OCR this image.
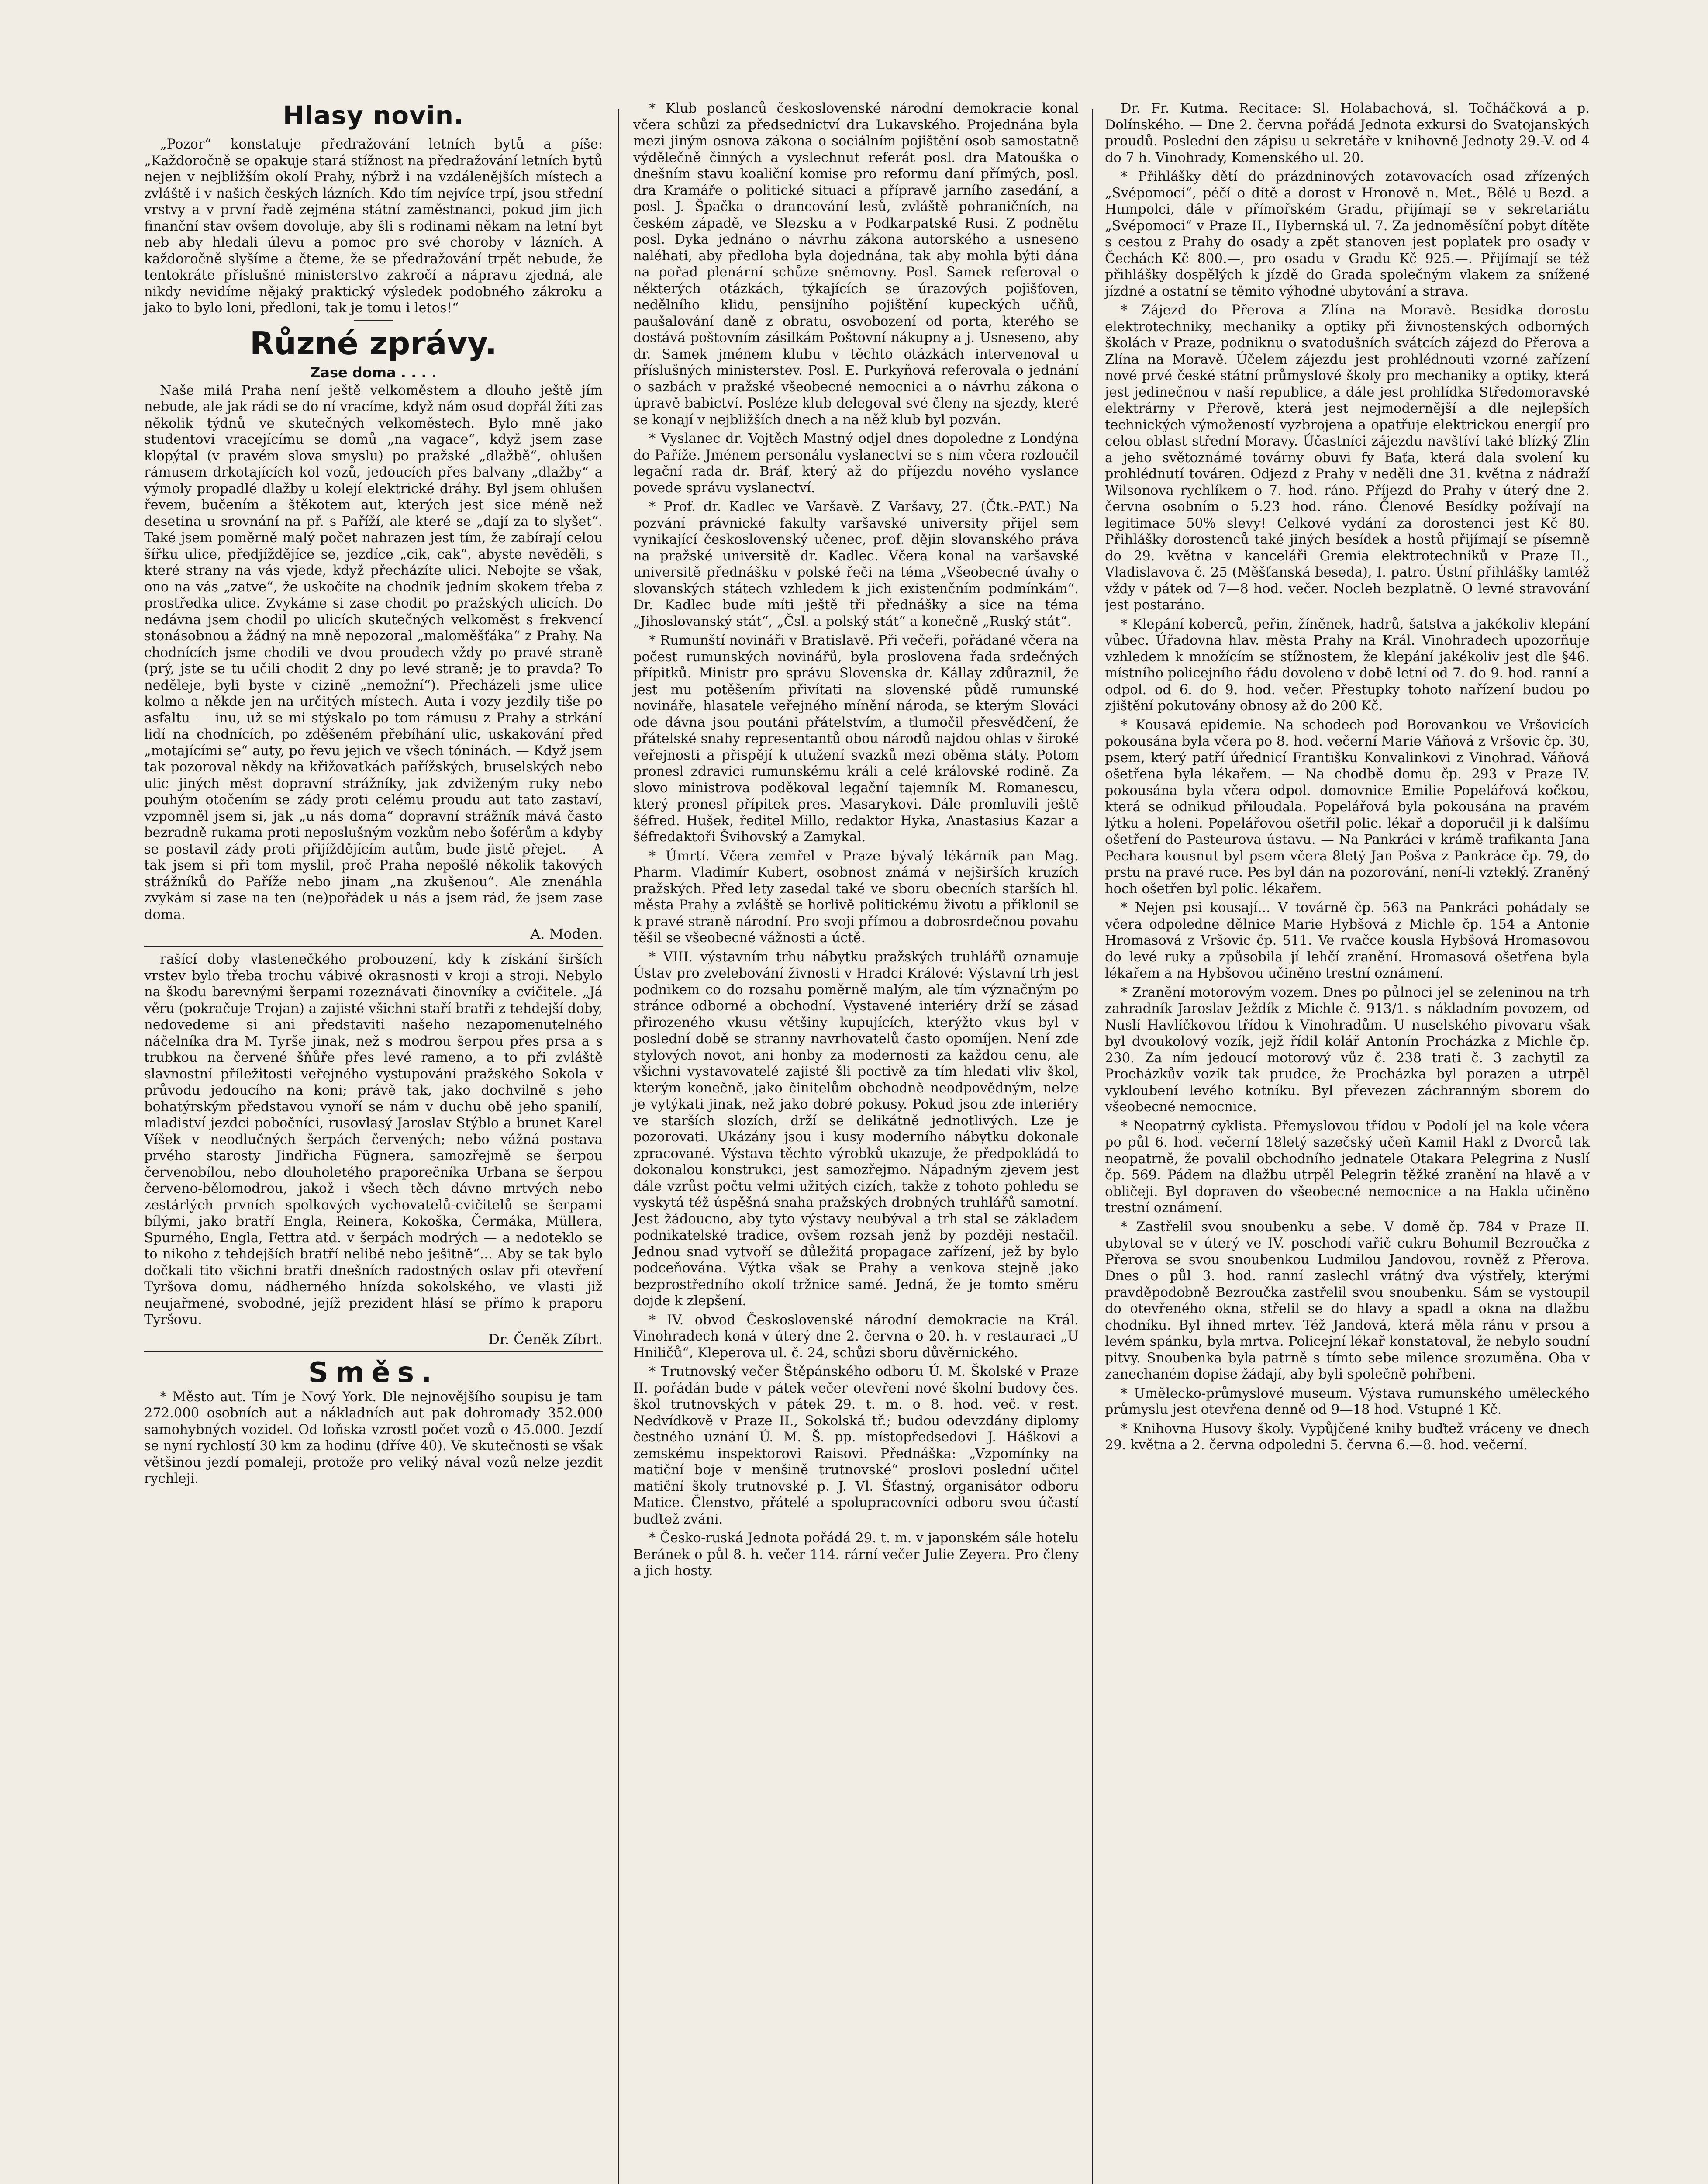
Hlasy novin.

„Pozor“ konstatuje předražování letních bytů a píše: „Každoročně se opakuje stará stížnost na předražování letních bytů nejen v nejbližším okolí Prahy, nýbrž i na vzdálenějších místech a zvláště i v našich českých lázních. Kdo tím nejvíce trpí, jsou střední vrstvy a v první řadě zejména státní zaměstnanci, pokud jim jich finanční stav ovšem dovoluje, aby šli s rodinami někam na letní byt neb aby hledali úlevu a pomoc pro své choroby v lázních. A každoročně slyšíme a čteme, že se předražování trpět nebude, že tentokráte příslušné ministerstvo zakročí a nápravu zjedná, ale nikdy nevidíme nějaký praktický výsledek podobného zákroku a jako to bylo loni, předloni, tak je tomu i letos!“

Různé zprávy.
Zase doma . . . .

Naše milá Praha není ještě velkoměstem a dlouho ještě jím nebude, ale jak rádi se do ní vracíme, když nám osud dopřál žíti zas několik týdnů ve skutečných velkoměstech. Bylo mně jako studentovi vracejícímu se domů „na vagace“, když jsem zase klopýtal (v pravém slova smyslu) po pražské „dlažbě“, ohlušen rámusem drkotajících kol vozů, jedoucích přes balvany „dlažby“ a výmoly propadlé dlažby u kolejí elektrické dráhy. Byl jsem ohlušen řevem, bučením a štěkotem aut, kterých jest sice méně než desetina u srovnání na př. s Paříží, ale které se „dají za to slyšet“. Také jsem poměrně malý počet nahrazen jest tím, že zabírají celou šířku ulice, předjíždějíce se, jezdíce „cik, cak“, abyste nevěděli, s které strany na vás vjede, když přecházíte ulici. Nebojte se však, ono na vás „zatve“, že uskočíte na chodník jedním skokem třeba z prostředka ulice. Zvykáme si zase chodit po pražských ulicích. Do nedávna jsem chodil po ulicích skutečných velkoměst s frekvencí stonásobnou a žádný na mně nepozoral „maloměšťáka“ z Prahy. Na chodnících jsme chodili ve dvou proudech vždy po pravé straně (prý, jste se tu učili chodit 2 dny po levé straně; je to pravda? To neděleje, byli byste v cizině „nemožní“). Přecházeli jsme ulice kolmo a někde jen na určitých místech. Auta i vozy jezdily tiše po asfaltu — inu, už se mi stýskalo po tom rámusu z Prahy a strkání lidí na chodnících, po zděšeném přebíhání ulic, uskakování před „motajícími se“ auty, po řevu jejich ve všech tóninách. — Když jsem tak pozoroval někdy na křižovatkách pařížských, bruselských nebo ulic jiných měst dopravní strážníky, jak zdviženým ruky nebo pouhým otočením se zády proti celému proudu aut tato zastaví, vzpomněl jsem si, jak „u nás doma“ dopravní strážník mává často bezradně rukama proti neposlušným vozkům nebo šoférům a kdyby se postavil zády proti přijíždějícím autům, bude jistě přejet. — A tak jsem si při tom myslil, proč Praha nepošlé několik takových strážníků do Paříže nebo jinam „na zkušenou“. Ale znenáhla zvykám si zase na ten (ne)pořádek u nás a jsem rád, že jsem zase doma.

A. Moden.

rašící doby vlastenečkého probouzení, kdy k získání širších vrstev bylo třeba trochu vábivé okrasnosti v kroji a stroji. Nebylo na škodu barevnými šerpami rozeznávati činovníky a cvičitele. „Já věru (pokračuje Trojan) a zajisté všichni staří bratři z tehdejší doby, nedovedeme si ani představiti našeho nezapomenutelného náčelníka dra M. Tyrše jinak, než s modrou šerpou přes prsa a s trubkou na červené šňůře přes levé rameno, a to při zvláště slavnostní příležitosti veřejného vystupování pražského Sokola v průvodu jedoucího na koni; právě tak, jako dochvilně s jeho bohatýrským představou vynoří se nám v duchu obě jeho spanilí, mladiství jezdci pobočníci, rusovlasý Jaroslav Stýblo a brunet Karel Víšek v neodlučných šerpách červených; nebo vážná postava prvého starosty Jindřicha Fügnera, samozřejmě se šerpou červenobílou, nebo dlouholetého praporečníka Urbana se šerpou červeno-bělomodrou, jakož i všech těch dávno mrtvých nebo zestárlých prvních spolkových vychovatelů-cvičitelů se šerpami bílými, jako bratří Engla, Reinera, Kokoška, Čermáka, Müllera, Spurného, Engla, Fettra atd. v šerpách modrých — a nedoteklo se to nikoho z tehdejších bratří nelibě nebo ješitně“... Aby se tak bylo dočkali tito všichni bratři dnešních radostných oslav při otevření Tyršova domu, nádherného hnízda sokolského, ve vlasti již neujařmené, svobodné, jejíž prezident hlásí se přímo k praporu Tyršovu.

Dr. Čeněk Zíbrt.
Směs.

* Město aut. Tím je Nový York. Dle nejnovějšího soupisu je tam 272.000 osobních aut a nákladních aut pak dohromady 352.000 samohybných vozidel. Od loňska vzrostl počet vozů o 45.000. Jezdí se nyní rychlostí 30 km za hodinu (dříve 40). Ve skutečnosti se však většinou jezdí pomaleji, protože pro veliký nával vozů nelze jezdit rychleji.

* Klub poslanců československé národní demokracie konal včera schůzi za předsednictví dra Lukavského. Projednána byla mezi jiným osnova zákona o sociálním pojištění osob samostatně výdělečně činných a vyslechnut referát posl. dra Matouška o dnešním stavu koaliční komise pro reformu daní přímých, posl. dra Kramáře o politické situaci a přípravě jarního zasedání, a posl. J. Špačka o drancování lesů, zvláště pohraničních, na českém západě, ve Slezsku a v Podkarpatské Rusi. Z podnětu posl. Dyka jednáno o návrhu zákona autorského a usneseno naléhati, aby předloha byla dojednána, tak aby mohla býti dána na pořad plenární schůze sněmovny. Posl. Samek referoval o některých otázkách, týkajících se úrazových pojišťoven, nedělního klidu, pensijního pojištění kupeckých učňů, paušalování daně z obratu, osvobození od porta, kterého se dostává poštovním zásilkám Poštovní nákupny a j. Usneseno, aby dr. Samek jménem klubu v těchto otázkách intervenoval u příslušných ministerstev. Posl. E. Purkyňová referovala o jednání o sazbách v pražské všeobecné nemocnici a o návrhu zákona o úpravě babictví. Posléze klub delegoval své členy na sjezdy, které se konají v nejbližších dnech a na něž klub byl pozván.

* Vyslanec dr. Vojtěch Mastný odjel dnes dopoledne z Londýna do Paříže. Jménem personálu vyslanectví se s ním včera rozloučil legační rada dr. Bráf, který až do příjezdu nového vyslance povede správu vyslanectví.

* Prof. dr. Kadlec ve Varšavě. Z Varšavy, 27. (Čtk.-PAT.) Na pozvání právnické fakulty varšavské university přijel sem vynikající československý učenec, prof. dějin slovanského práva na pražské universitě dr. Kadlec. Včera konal na varšavské universitě přednášku v polské řeči na téma „Všeobecné úvahy o slovanských státech vzhledem k jich existenčním podmínkám“. Dr. Kadlec bude míti ještě tři přednášky a sice na téma „Jihoslovanský stát“, „Čsl. a polský stát“ a konečně „Ruský stát“.

* Rumunští novináři v Bratislavě. Při večeři, pořádané včera na počest rumunských novinářů, byla proslovena řada srdečných přípitků. Ministr pro správu Slovenska dr. Kállay zdůraznil, že jest mu potěšením přivítati na slovenské půdě rumunské novináře, hlasatele veřejného mínění národa, se kterým Slováci ode dávna jsou poutáni přátelstvím, a tlumočil přesvědčení, že přátelské snahy representantů obou národů najdou ohlas v široké veřejnosti a přispějí k utužení svazků mezi oběma státy. Potom pronesl zdravici rumunskému králi a celé královské rodině. Za slovo ministrova poděkoval legační tajemník M. Romanescu, který pronesl přípitek pres. Masarykovi. Dále promluvili ještě šéfred. Hušek, ředitel Millo, redaktor Hyka, Anastasius Kazar a šéfredaktoři Švihovský a Zamykal.

* Úmrtí. Včera zemřel v Praze bývalý lékárník pan Mag. Pharm. Vladimír Kubert, osobnost známá v nejširších kruzích pražských. Před lety zasedal také ve sboru obecních starších hl. města Prahy a zvláště se horlivě politickému životu a přiklonil se k pravé straně národní. Pro svoji přímou a dobrosrdečnou povahu těšil se všeobecné vážnosti a úctě.

* VIII. výstavním trhu nábytku pražských truhlářů oznamuje Ústav pro zvelebování živnosti v Hradci Králové: Výstavní trh jest podnikem co do rozsahu poměrně malým, ale tím význačným po stránce odborné a obchodní. Vystavené interiéry drží se zásad přirozeného vkusu většiny kupujících, kterýžto vkus byl v poslední době se stranny navrhovatelů často opomíjen. Není zde stylových novot, ani honby za modernosti za každou cenu, ale všichni vystavovatelé zajisté šli poctivě za tím hledati vliv škol, kterým konečně, jako činitelům obchodně neodpovědným, nelze je vytýkati jinak, než jako dobré pokusy. Pokud jsou zde interiéry ve starších slozích, drží se delikátně jednotlivých. Lze je pozorovati. Ukázány jsou i kusy moderního nábytku dokonale zpracované. Výstava těchto výrobků ukazuje, že předpokládá to dokonalou konstrukci, jest samozřejmo. Nápadným zjevem jest dále vzrůst počtu velmi užitých cizích, takže z tohoto pohledu se vyskytá též úspěšná snaha pražských drobných truhlářů samotní. Jest žádoucno, aby tyto výstavy neubýval a trh stal se základem podnikatelské tradice, ovšem rozsah jenž by později nestačil. Jednou snad vytvoří se důležitá propagace zařízení, jež by bylo podceňována. Výtka však se Prahy a venkova stejně jako bezprostředního okolí tržnice samé. Jedná, že je tomto směru dojde k zlepšení.

* IV. obvod Československé národní demokracie na Král. Vinohradech koná v úterý dne 2. června o 20. h. v restauraci „U Hniličů“, Kleperova ul. č. 24, schůzi sboru důvěrnického.

* Trutnovský večer Štěpánského odboru Ú. M. Školské v Praze II. pořádán bude v pátek večer otevření nové školní budovy čes. škol trutnovských v pátek 29. t. m. o 8. hod. več. v rest. Nedvídkově v Praze II., Sokolská tř.; budou odevzdány diplomy čestného uznání Ú. M. Š. pp. místopředsedovi J. Háškovi a zemskému inspektorovi Raisovi. Přednáška: „Vzpomínky na matiční boje v menšině trutnovské“ proslovi poslední učitel matiční školy trutnovské p. J. Vl. Šťastný, organisátor odboru Matice. Členstvo, přátelé a spolupracovníci odboru svou účastí buďtež zváni.

* Česko-ruská Jednota pořádá 29. t. m. v japonském sále hotelu Beránek o půl 8. h. večer 114. rární večer Julie Zeyera. Pro členy a jich hosty.

Dr. Fr. Kutma. Recitace: Sl. Holabachová, sl. Točháčková a p. Dolínského. — Dne 2. června pořádá Jednota exkursi do Svatojanských proudů. Poslední den zápisu u sekretáře v knihovně Jednoty 29.-V. od 4 do 7 h. Vinohrady, Komenského ul. 20.

* Přihlášky dětí do prázdninových zotavovacích osad zřízených „Svépomocí“, péčí o dítě a dorost v Hronově n. Met., Bělé u Bezd. a Humpolci, dále v přímořském Gradu, přijímají se v sekretariátu „Svépomoci“ v Praze II., Hybernská ul. 7. Za jednoměsíční pobyt dítěte s cestou z Prahy do osady a zpět stanoven jest poplatek pro osady v Čechách Kč 800.—, pro osadu v Gradu Kč 925.—. Přijímají se též přihlášky dospělých k jízdě do Grada společným vlakem za snížené jízdné a ostatní se těmito výhodné ubytování a strava.

* Zájezd do Přerova a Zlína na Moravě. Besídka dorostu elektrotechniky, mechaniky a optiky při živnostenských odborných školách v Praze, podniknu o svatodušních svátcích zájezd do Přerova a Zlína na Moravě. Účelem zájezdu jest prohlédnouti vzorné zařízení nové prvé české státní průmyslové školy pro mechaniky a optiky, která jest jedinečnou v naší republice, a dále jest prohlídka Středomoravské elektrárny v Přerově, která jest nejmodernější a dle nejlepších technických výmožeností vyzbrojena a opatřuje elektrickou energií pro celou oblast střední Moravy. Účastníci zájezdu navštíví také blízký Zlín a jeho světoznámé továrny obuvi fy Baťa, která dala svolení ku prohlédnutí továren. Odjezd z Prahy v neděli dne 31. května z nádraží Wilsonova rychlíkem o 7. hod. ráno. Příjezd do Prahy v úterý dne 2. června osobním o 5.23 hod. ráno. Členové Besídky požívají na legitimace 50% slevy! Celkové vydání za dorostenci jest Kč 80. Přihlášky dorostenců také jiných besídek a hostů přijímají se písemně do 29. května v kanceláři Gremia elektrotechniků v Praze II., Vladislavova č. 25 (Měšťanská beseda), I. patro. Ústní přihlášky tamtéž vždy v pátek od 7—8 hod. večer. Nocleh bezplatně. O levné stravování jest postaráno.

* Klepání koberců, peřin, žíněnek, hadrů, šatstva a jakékoliv klepání vůbec. Úřadovna hlav. města Prahy na Král. Vinohradech upozorňuje vzhledem k množícím se stížnostem, že klepání jakékoliv jest dle §46. místního policejního řádu dovoleno v době letní od 7. do 9. hod. ranní a odpol. od 6. do 9. hod. večer. Přestupky tohoto nařízení budou po zjištění pokutovány obnosy až do 200 Kč.

* Kousavá epidemie. Na schodech pod Borovankou ve Vršovicích pokousána byla včera po 8. hod. večerní Marie Váňová z Vršovic čp. 30, psem, který patří úřednicí Františku Konvalinkovi z Vinohrad. Váňová ošetřena byla lékařem. — Na chodbě domu čp. 293 v Praze IV. pokousána byla včera odpol. domovnice Emilie Popelářová kočkou, která se odnikud přiloudala. Popelářová byla pokousána na pravém lýtku a holeni. Popelářovou ošetřil polic. lékař a doporučil ji k dalšímu ošetření do Pasteurova ústavu. — Na Pankráci v krámě trafikanta Jana Pechara kousnut byl psem včera 8letý Jan Pošva z Pankráce čp. 79, do prstu na pravé ruce. Pes byl dán na pozorování, není-li vzteklý. Zraněný hoch ošetřen byl polic. lékařem.

* Nejen psi kousají... V továrně čp. 563 na Pankráci pohádaly se včera odpoledne dělnice Marie Hybšová z Michle čp. 154 a Antonie Hromasová z Vršovic čp. 511. Ve rvačce kousla Hybšová Hromasovou do levé ruky a způsobila jí lehčí zranění. Hromasová ošetřena byla lékařem a na Hybšovou učiněno trestní oznámení.

* Zranění motorovým vozem. Dnes po půlnoci jel se zeleninou na trh zahradník Jaroslav Ježdík z Michle č. 913/1. s nákladním povozem, od Nuslí Havlíčkovou třídou k Vinohradům. U nuselského pivovaru však byl dvoukolový vozík, jejž řídil kolář Antonín Procházka z Michle čp. 230. Za ním jedoucí motorový vůz č. 238 trati č. 3 zachytil za Procházkův vozík tak prudce, že Procházka byl porazen a utrpěl vykloubení levého kotníku. Byl převezen záchranným sborem do všeobecné nemocnice.

* Neopatrný cyklista. Přemyslovou třídou v Podolí jel na kole včera po půl 6. hod. večerní 18letý sazečský učeň Kamil Hakl z Dvorců tak neopatrně, že povalil obchodního jednatele Otakara Pelegrina z Nuslí čp. 569. Pádem na dlažbu utrpěl Pelegrin těžké zranění na hlavě a v obličeji. Byl dopraven do všeobecné nemocnice a na Hakla učiněno trestní oznámení.

* Zastřelil svou snoubenku a sebe. V domě čp. 784 v Praze II. ubytoval se v úterý ve IV. poschodí vařič cukru Bohumil Bezroučka z Přerova se svou snoubenkou Ludmilou Jandovou, rovněž z Přerova. Dnes o půl 3. hod. ranní zaslechl vrátný dva výstřely, kterými pravděpodobně Bezroučka zastřelil svou snoubenku. Sám se vystoupil do otevřeného okna, střelil se do hlavy a spadl a okna na dlažbu chodníku. Byl ihned mrtev. Též Jandová, která měla ránu v prsou a levém spánku, byla mrtva. Policejní lékař konstatoval, že nebylo soudní pitvy. Snoubenka byla patrně s tímto sebe milence srozuměna. Oba v zanechaném dopise žádají, aby byli společně pohřbeni.

* Umělecko-průmyslové museum. Výstava rumunského uměleckého průmyslu jest otevřena denně od 9—18 hod. Vstupné 1 Kč.

* Knihovna Husovy školy. Vypůjčené knihy buďtež vráceny ve dnech 29. května a 2. června odpoledni 5. června 6.—8. hod. večerní.
